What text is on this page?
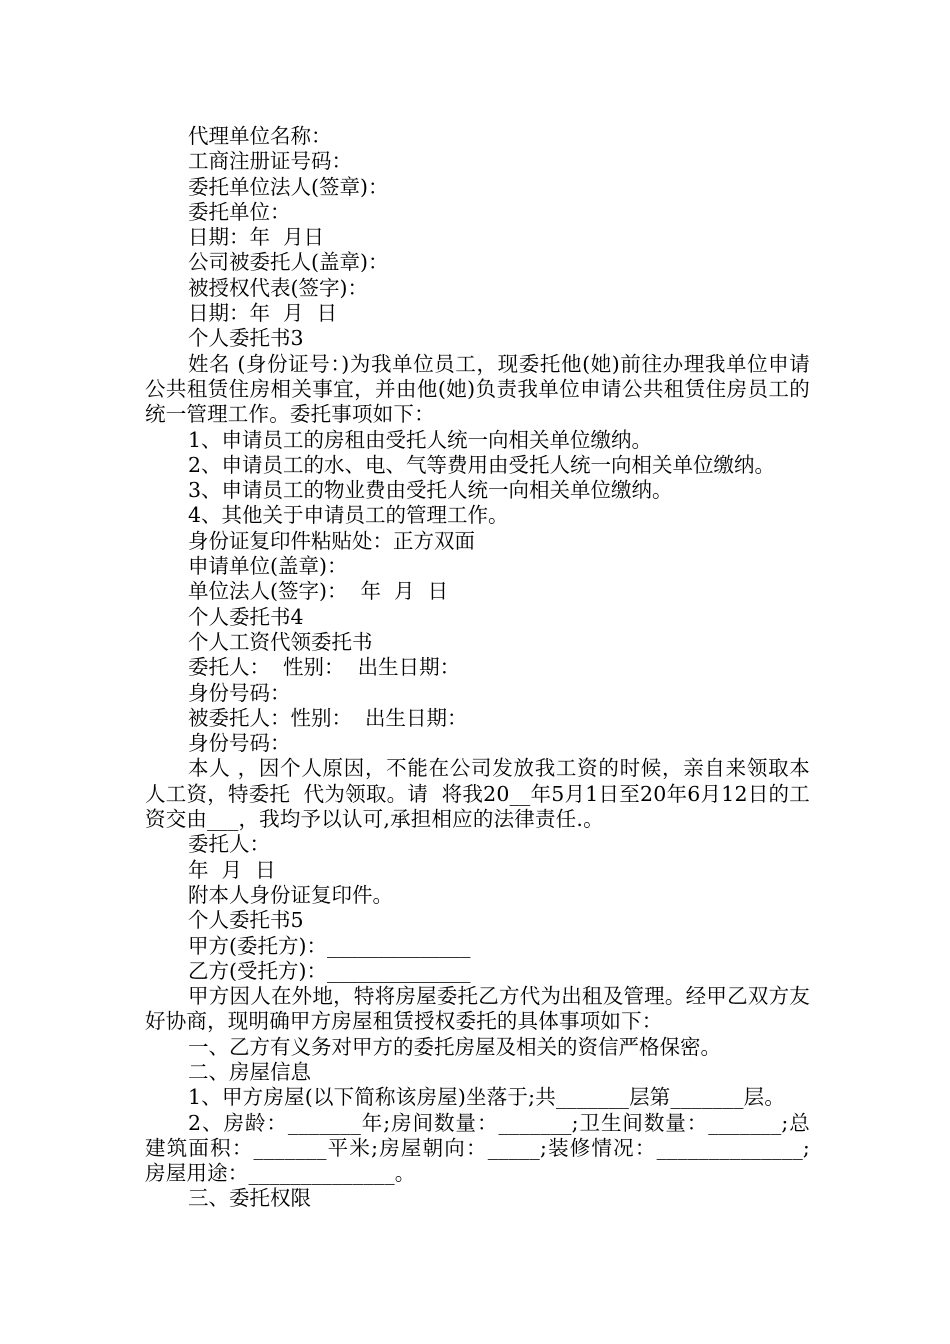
代理单位名称：
工商注册证号码：
委托单位法人(签章)：
委托单位：
日期：年  月日
公司被委托人(盖章)：
被授权代表(签字)：
日期：年  月  日
个人委托书3
姓名 (身份证号：)为我单位员工，现委托他(她)前往办理我单位申请公共租赁住房相关事宜，并由他(她)负责我单位申请公共租赁住房员工的统一管理工作。委托事项如下：
1、申请员工的房租由受托人统一向相关单位缴纳。
2、申请员工的水、电、气等费用由受托人统一向相关单位缴纳。
3、申请员工的物业费由受托人统一向相关单位缴纳。
4、其他关于申请员工的管理工作。
身份证复印件粘贴处：正方双面
申请单位(盖章)：
单位法人(签字)：  年  月  日
个人委托书4
个人工资代领委托书
委托人：  性别：  出生日期：
身份号码：
被委托人：性别：  出生日期：
身份号码：
本人 ，因个人原因，不能在公司发放我工资的时候，亲自来领取本人工资，特委托  代为领取。请  将我20__年5月1日至20年6月12日的工资交由___，我均予以认可,承担相应的法律责任.。
委托人：
年  月  日
附本人身份证复印件。
个人委托书5
甲方(委托方)：______________
乙方(受托方)：______________
甲方因人在外地，特将房屋委托乙方代为出租及管理。经甲乙双方友好协商，现明确甲方房屋租赁授权委托的具体事项如下：
一、乙方有义务对甲方的委托房屋及相关的资信严格保密。
二、房屋信息
1、甲方房屋(以下简称该房屋)坐落于;共_______层第_______层。
2、房龄：_______年;房间数量：_______;卫生间数量：_______;总建筑面积：_______平米;房屋朝向：_____;装修情况：______________;房屋用途：______________。
三、委托权限
